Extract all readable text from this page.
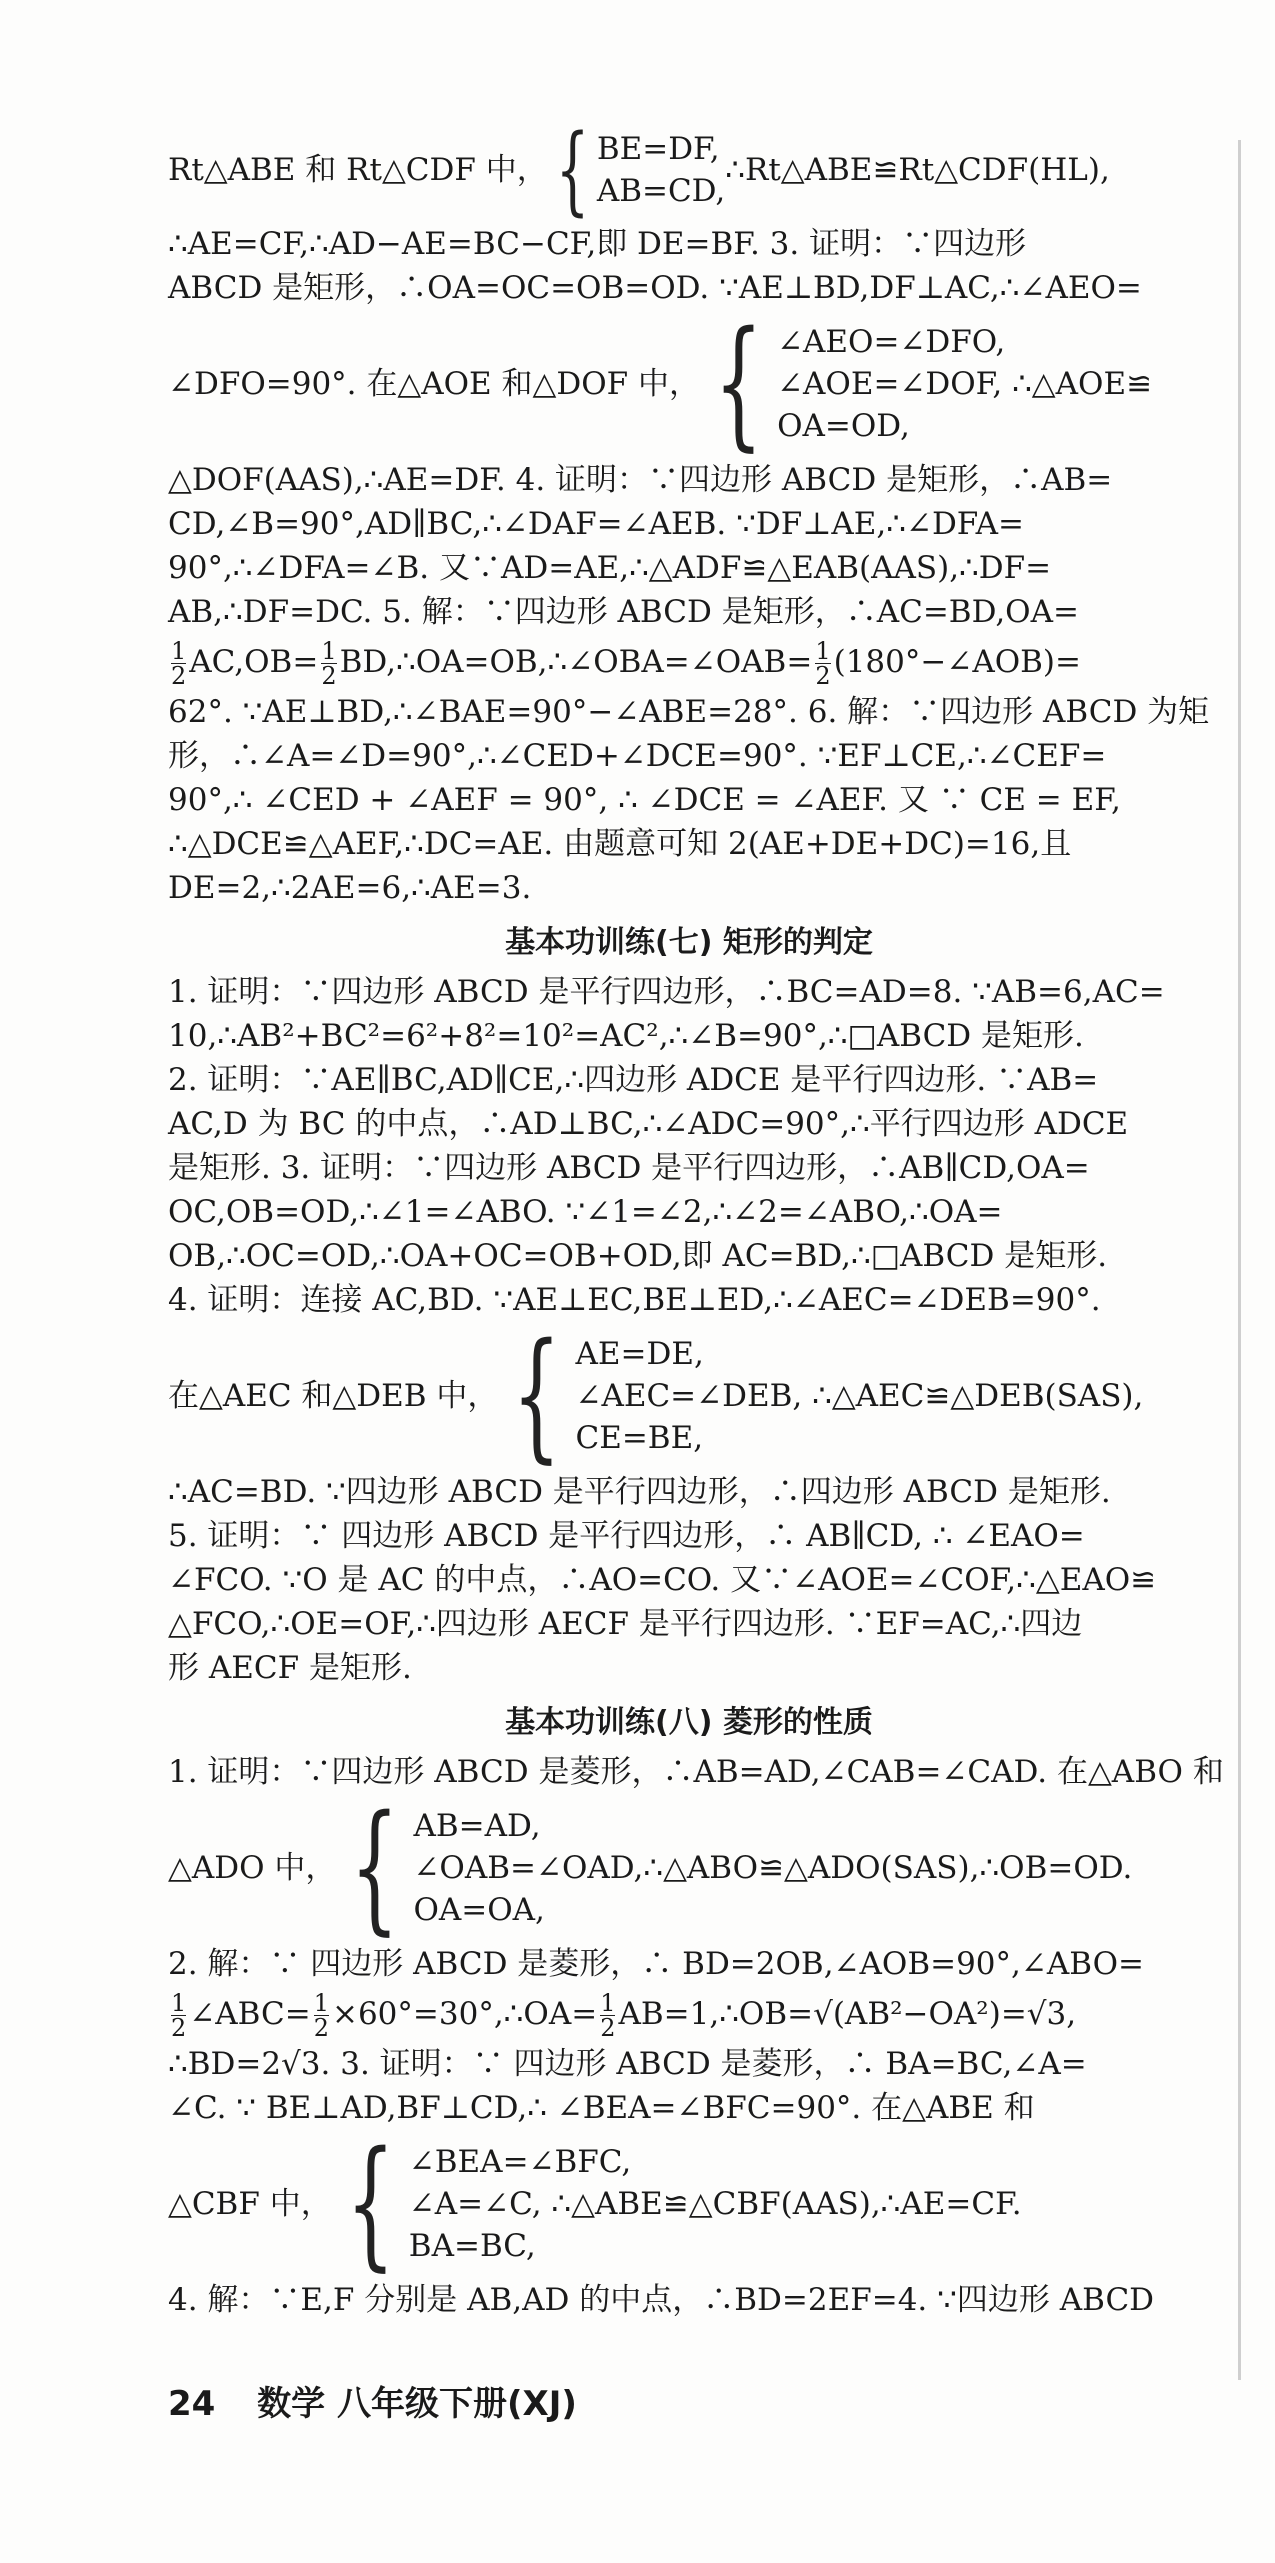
Rt△ABE 和 Rt△CDF 中， { BE=DF,
AB=CD,
∴Rt△ABE≌Rt△CDF(HL),
∴AE=CF,∴AD−AE=BC−CF,即 DE=BF. 3. 证明：∵四边形
ABCD 是矩形，∴OA=OC=OB=OD. ∵AE⊥BD,DF⊥AC,∴∠AEO=
∠DFO=90°. 在△AOE 和△DOF 中， { ∠AEO=∠DFO,
∠AOE=∠DOF, ∴△AOE≌
OA=OD,
△DOF(AAS),∴AE=DF. 4. 证明：∵四边形 ABCD 是矩形，∴AB=
CD,∠B=90°,AD∥BC,∴∠DAF=∠AEB. ∵DF⊥AE,∴∠DFA=
90°,∴∠DFA=∠B. 又∵AD=AE,∴△ADF≌△EAB(AAS),∴DF=
AB,∴DF=DC. 5. 解：∵四边形 ABCD 是矩形，∴AC=BD,OA=
$\frac{1}{2} AC,OB= \frac{1}{2}$ BD,∴OA=OB,∴∠OBA=∠OAB= $\frac{1}{2}$ (180°−∠AOB)=
62°. ∵AE⊥BD,∴∠BAE=90°−∠ABE=28°. 6. 解：∵四边形 ABCD 为矩
形，∴∠A=∠D=90°,∴∠CED+∠DCE=90°. ∵EF⊥CE,∴∠CEF=
90°,∴ ∠CED + ∠AEF = 90°, ∴ ∠DCE = ∠AEF. 又 ∵ CE = EF,
∴△DCE≌△AEF,∴DC=AE. 由题意可知 2(AE+DE+DC)=16,且
DE=2,∴2AE=6,∴AE=3.
基本功训练(七) 矩形的判定
1. 证明：∵四边形 ABCD 是平行四边形，∴BC=AD=8. ∵AB=6,AC=
10,∴AB²+BC²=6²+8²=10²=AC²,∴∠B=90°,∴□ABCD 是矩形.
2. 证明：∵AE∥BC,AD∥CE,∴四边形 ADCE 是平行四边形. ∵AB=
AC,D 为 BC 的中点，∴AD⊥BC,∴∠ADC=90°,∴平行四边形 ADCE
是矩形. 3. 证明：∵四边形 ABCD 是平行四边形，∴AB∥CD,OA=
OC,OB=OD,∴∠1=∠ABO. ∵∠1=∠2,∴∠2=∠ABO,∴OA=
OB,∴OC=OD,∴OA+OC=OB+OD,即 AC=BD,∴□ABCD 是矩形.
4. 证明：连接 AC,BD. ∵AE⊥EC,BE⊥ED,∴∠AEC=∠DEB=90°.
在△AEC 和△DEB 中， { AE=DE,
∠AEC=∠DEB, ∴△AEC≌△DEB(SAS),
CE=BE,
∴AC=BD. ∵四边形 ABCD 是平行四边形，∴四边形 ABCD 是矩形.
5. 证明：∵ 四边形 ABCD 是平行四边形，∴ AB∥CD, ∴ ∠EAO=
∠FCO. ∵O 是 AC 的中点，∴AO=CO. 又∵∠AOE=∠COF,∴△EAO≌
△FCO,∴OE=OF,∴四边形 AECF 是平行四边形. ∵EF=AC,∴四边
形 AECF 是矩形.
基本功训练(八) 菱形的性质
1. 证明：∵四边形 ABCD 是菱形，∴AB=AD,∠CAB=∠CAD. 在△ABO 和
△ADO 中， { AB=AD,
∠OAB=∠OAD,∴△ABO≌△ADO(SAS),∴OB=OD.
OA=OA,
2. 解：∵ 四边形 ABCD 是菱形，∴ BD=2OB,∠AOB=90°,∠ABO=
$\frac{1}{2}$ ∠ABC= $\frac{1}{2}$ ×60°=30°,∴OA= $\frac{1}{2}$ AB=1,∴OB=√(AB²−OA²)=√3,
∴BD=2√3. 3. 证明：∵ 四边形 ABCD 是菱形，∴ BA=BC,∠A=
∠C. ∵ BE⊥AD,BF⊥CD,∴ ∠BEA=∠BFC=90°. 在△ABE 和
△CBF 中， { ∠BEA=∠BFC,
∠A=∠C, ∴△ABE≌△CBF(AAS),∴AE=CF.
BA=BC,
4. 解：∵E,F 分别是 AB,AD 的中点，∴BD=2EF=4. ∵四边形 ABCD
24 数学 八年级下册(XJ)
